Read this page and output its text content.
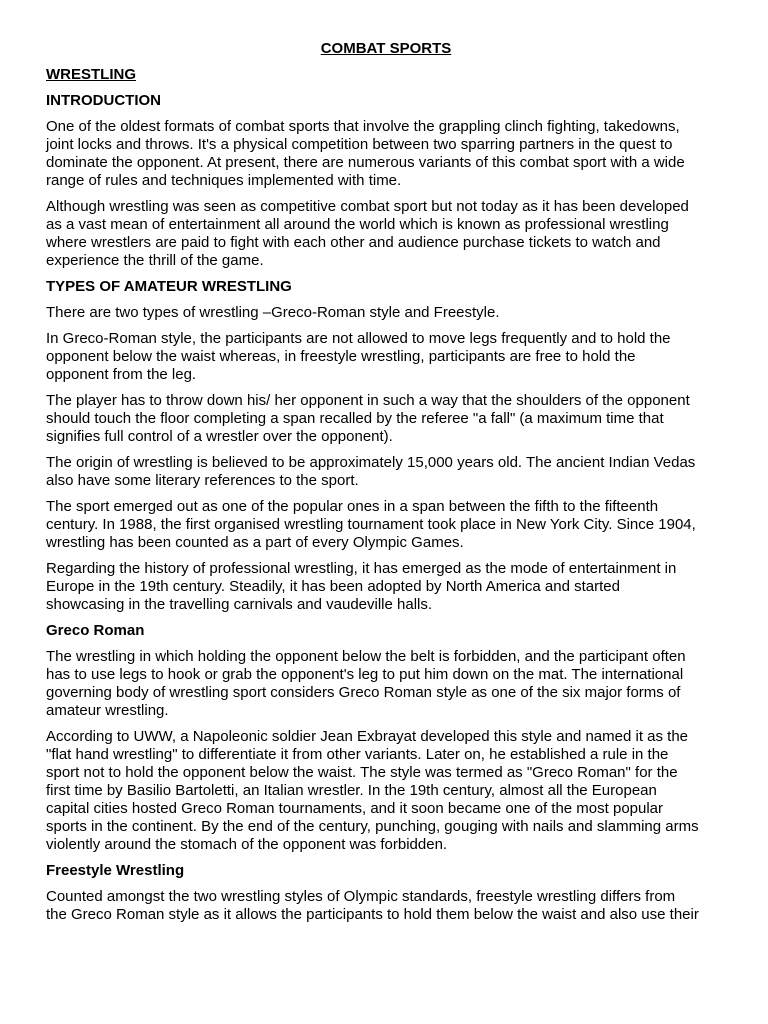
COMBAT SPORTS
WRESTLING
INTRODUCTION
One of the oldest formats of combat sports that involve the grappling clinch fighting, takedowns,
joint locks and throws. It's a physical competition between two sparring partners in the quest to
dominate the opponent. At present, there are numerous variants of this combat sport with a wide
range of rules and techniques implemented with time.
Although wrestling was seen as competitive combat sport but not today as it has been developed
as a vast mean of entertainment all around the world which is known as professional wrestling
where wrestlers are paid to fight with each other and audience purchase tickets to watch and
experience the thrill of the game.
TYPES OF AMATEUR WRESTLING
There are two types of wrestling –Greco-Roman style and Freestyle.
In Greco-Roman style, the participants are not allowed to move legs frequently and to hold the
opponent below the waist whereas, in freestyle wrestling, participants are free to hold the
opponent from the leg.
The player has to throw down his/ her opponent in such a way that the shoulders of the opponent
should touch the floor completing a span recalled by the referee "a fall" (a maximum time that
signifies full control of a wrestler over the opponent).
The origin of wrestling is believed to be approximately 15,000 years old. The ancient Indian Vedas
also have some literary references to the sport.
The sport emerged out as one of the popular ones in a span between the fifth to the fifteenth
century. In 1988, the first organised wrestling tournament took place in New York City. Since 1904,
wrestling has been counted as a part of every Olympic Games.
Regarding the history of professional wrestling, it has emerged as the mode of entertainment in
Europe in the 19th century. Steadily, it has been adopted by North America and started
showcasing in the travelling carnivals and vaudeville halls.
Greco Roman
The wrestling in which holding the opponent below the belt is forbidden, and the participant often
has to use legs to hook or grab the opponent's leg to put him down on the mat. The international
governing body of wrestling sport considers Greco Roman style as one of the six major forms of
amateur wrestling.
According to UWW, a Napoleonic soldier Jean Exbrayat developed this style and named it as the
"flat hand wrestling" to differentiate it from other variants. Later on, he established a rule in the
sport not to hold the opponent below the waist. The style was termed as "Greco Roman" for the
first time by Basilio Bartoletti, an Italian wrestler. In the 19th century, almost all the European
capital cities hosted Greco Roman tournaments, and it soon became one of the most popular
sports in the continent. By the end of the century, punching, gouging with nails and slamming arms
violently around the stomach of the opponent was forbidden.
Freestyle Wrestling
Counted amongst the two wrestling styles of Olympic standards, freestyle wrestling differs from
the Greco Roman style as it allows the participants to hold them below the waist and also use their
